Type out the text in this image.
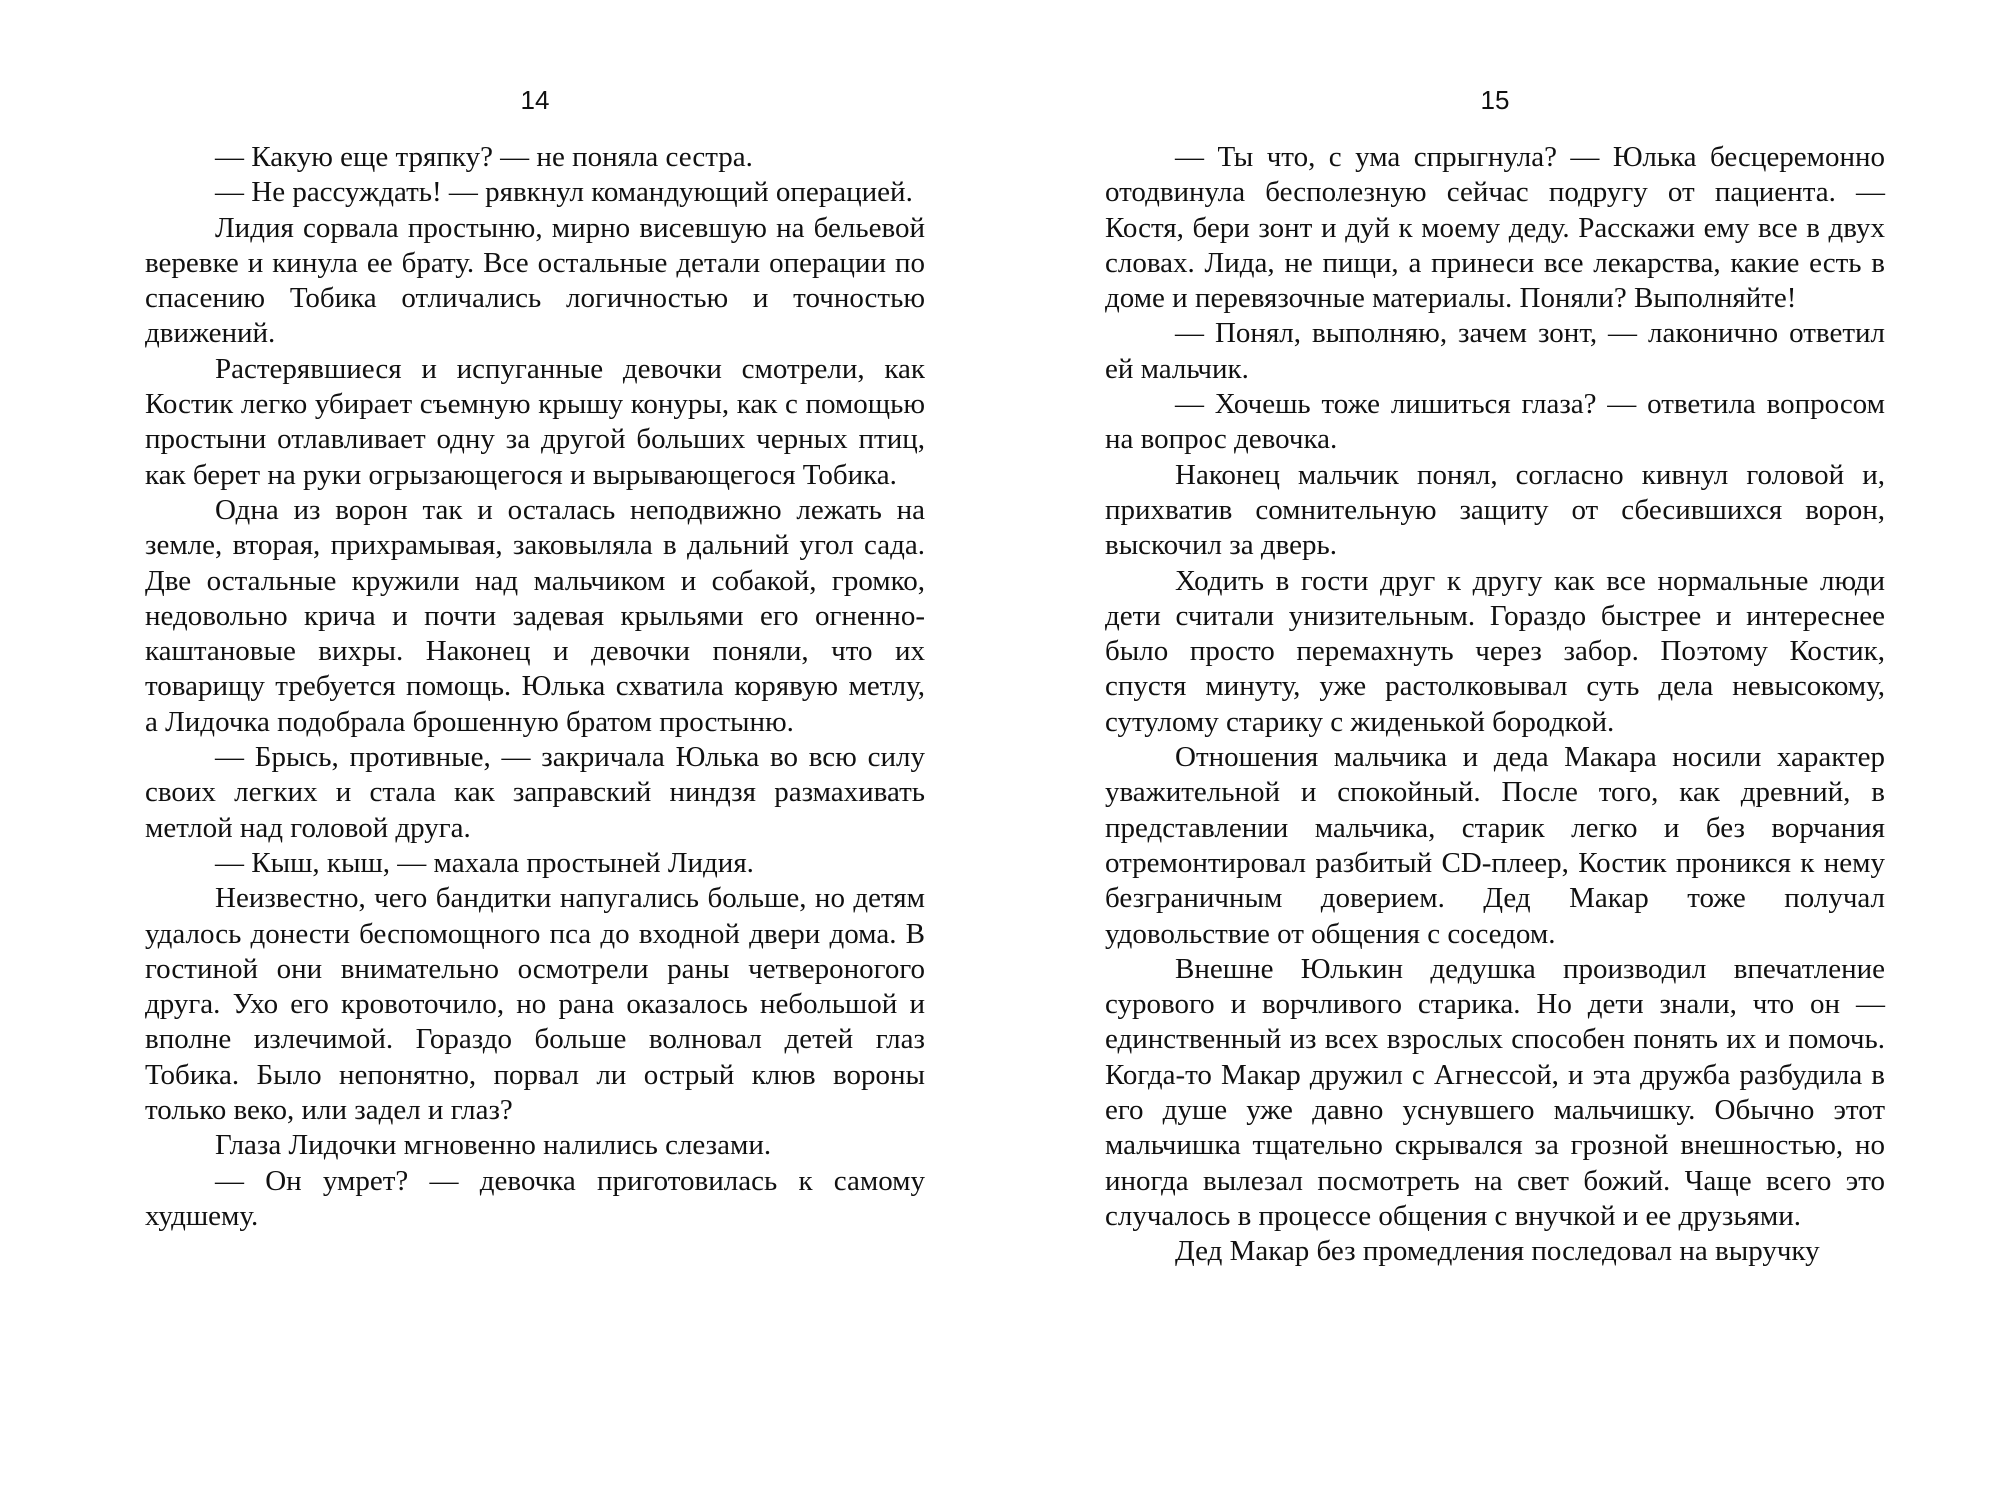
14

— Какую еще тряпку? — не поняла сестра.

— Не рассуждать! — рявкнул командующий операцией.

Лидия сорвала простыню, мирно висевшую на бельевой веревке и кинула ее брату. Все остальные детали операции по спасению Тобика отличались логичностью и точностью движений.

Растерявшиеся и испуганные девочки смотрели, как Костик легко убирает съемную крышу конуры, как с помощью простыни отлавливает одну за другой больших черных птиц, как берет на руки огрызающегося и вырывающегося Тобика.

Одна из ворон так и осталась неподвижно лежать на земле, вторая, прихрамывая, заковыляла в дальний угол сада. Две остальные кружили над мальчиком и собакой, громко, недовольно крича и почти задевая крыльями его огненно-каштановые вихры. Наконец и девочки поняли, что их товарищу требуется помощь. Юлька схватила корявую метлу, а Лидочка подобрала брошенную братом простыню.

— Брысь, противные, — закричала Юлька во всю силу своих легких и стала как заправский ниндзя размахивать метлой над головой друга.

— Кыш, кыш, — махала простыней Лидия.

Неизвестно, чего бандитки напугались больше, но детям удалось донести беспомощного пса до входной двери дома. В гостиной они внимательно осмотрели раны четвероногого друга. Ухо его кровоточило, но рана оказалось небольшой и вполне излечимой. Гораздо больше волновал детей глаз Тобика. Было непонятно, порвал ли острый клюв вороны только веко, или задел и глаз?

Глаза Лидочки мгновенно налились слезами.

— Он умрет? — девочка приготовилась к самому худшему.

15

— Ты что, с ума спрыгнула? — Юлька бесцеремонно отодвинула бесполезную сейчас подругу от пациента. — Костя, бери зонт и дуй к моему деду. Расскажи ему все в двух словах. Лида, не пищи, а принеси все лекарства, какие есть в доме и перевязочные материалы. Поняли? Выполняйте!

— Понял, выполняю, зачем зонт, — лаконично ответил ей мальчик.

— Хочешь тоже лишиться глаза? — ответила вопросом на вопрос девочка.

Наконец мальчик понял, согласно кивнул головой и, прихватив сомнительную защиту от сбесившихся ворон, выскочил за дверь.

Ходить в гости друг к другу как все нормальные люди дети считали унизительным. Гораздо быстрее и интереснее было просто перемахнуть через забор. Поэтому Костик, спустя минуту, уже растолковывал суть дела невысокому, сутулому старику с жиденькой бородкой.

Отношения мальчика и деда Макара носили характер уважительной и спокойный. После того, как древний, в представлении мальчика, старик легко и без ворчания отремонтировал разбитый CD-плеер, Костик проникся к нему безграничным доверием. Дед Макар тоже получал удовольствие от общения с соседом.

Внешне Юлькин дедушка производил впечатление сурового и ворчливого старика. Но дети знали, что он — единственный из всех взрослых способен понять их и помочь. Когда-то Макар дружил с Агнессой, и эта дружба разбудила в его душе уже давно уснувшего мальчишку. Обычно этот мальчишка тщательно скрывался за грозной внешностью, но иногда вылезал посмотреть на свет божий. Чаще всего это случалось в процессе общения с внучкой и ее друзьями.

Дед Макар без промедления последовал на выручку
